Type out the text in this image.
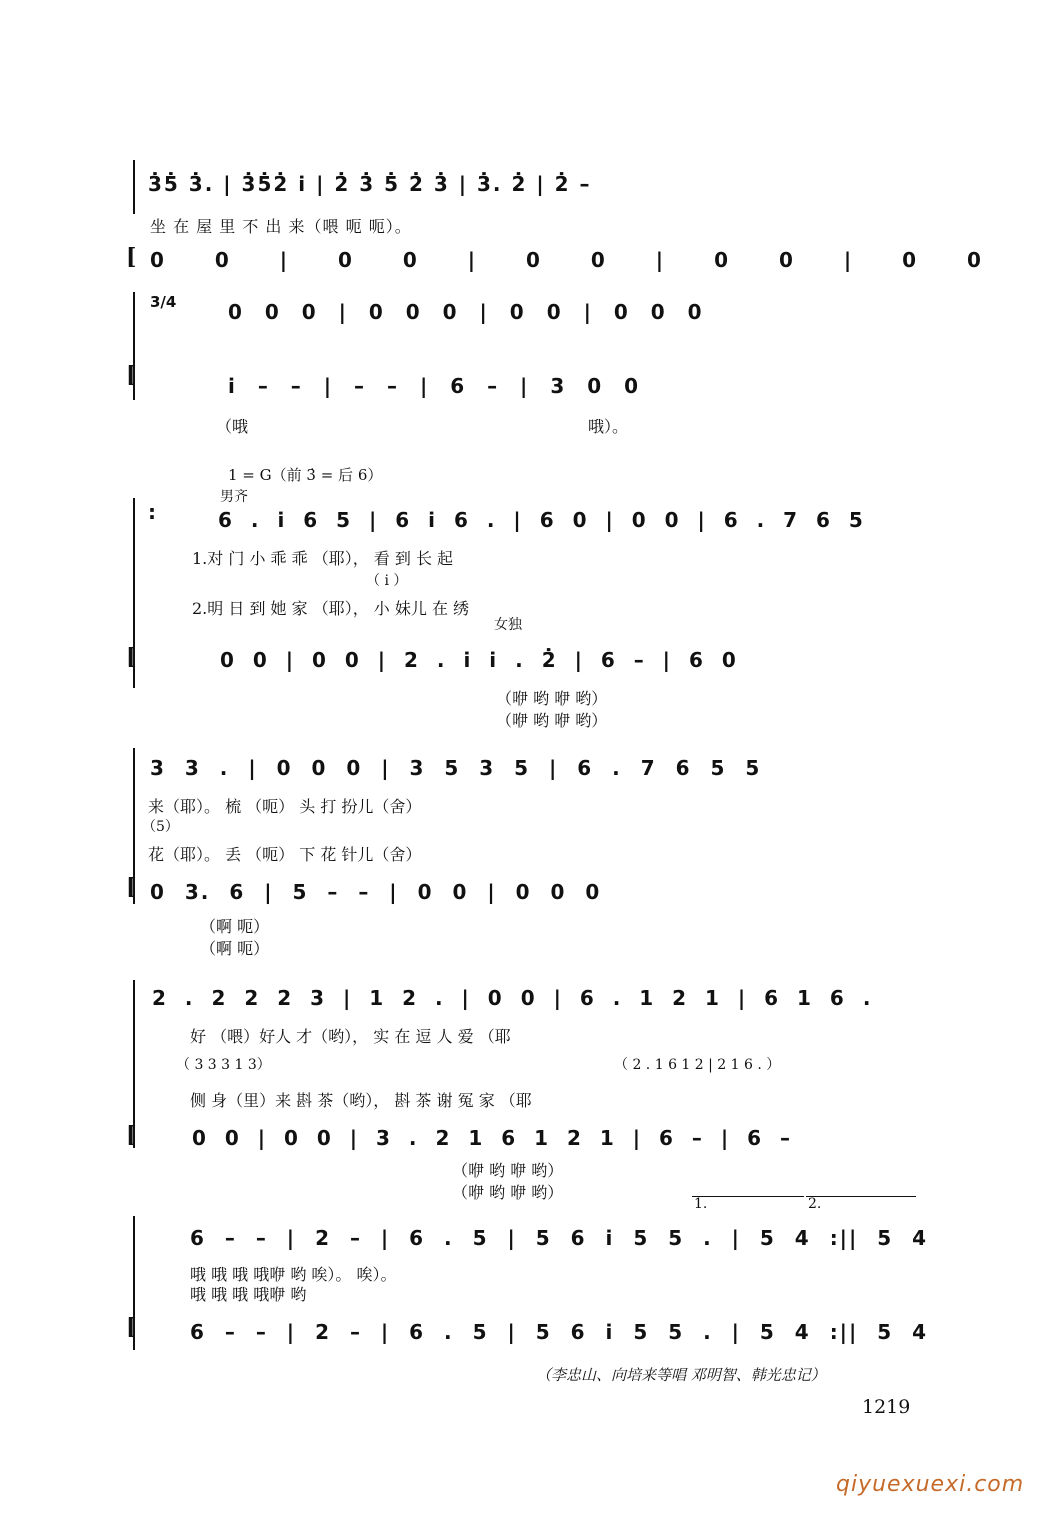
3̇5̇ 3̇. | 3̇5̇2̇ i̇ | 2̇ 3̇ 5̇ 2̇ 3̇ | 3̇. 2̇ | 2̇ –
坐 在 屋 里 不 出 来（喂 呃 呃）。
[ 0 0 | 0 0 | 0 0 | 0 0 | 0 0
3/4	0 0 0 | 0 0 0 | 0 0 | 0 0 0
[	i̇ – – | – – | 6 – | 3 0 0
（哦	哦）。
1 = G（前 3̇ = 后 6）
男齐
:	6 . i̇ 6 5 | 6 i̇ 6 . | 6 0 | 0 0 | 6 . 7 6 5
1.对 门 小 乖 乖 （耶）， 看 到 长 起
（ i̇ ）
2.明 日 到 她 家 （耶）， 小 妹儿 在 绣
女独
[	0 0 | 0 0 | 2 . i̇ i̇ . 2̇ | 6 – | 6 0
（咿 哟 咿 哟）
（咿 哟 咿 哟）
3 3 . | 0 0 0 | 3 5 3 5 | 6 . 7 6 5 5
来（耶）。 梳 （呃） 头 打 扮儿（舍）
（5）
花（耶）。 丢 （呃） 下 花 针儿（舍）
[ 0 3. 6 | 5 – – | 0 0 | 0 0 0
（啊 呃）
（啊 呃）
2 . 2 2 2 3 | 1 2 . | 0 0 | 6 . 1 2 1 | 6 1 6 .
好 （喂）好人 才（哟）， 实 在 逗 人 爱 （耶
（ 3 3 3 1 3）	（ 2 . 1 6 1 2 | 2 1 6 . ）
侧 身（里）来 斟 茶（哟）， 斟 茶 谢 冤 家 （耶
[	0 0 | 0 0 | 3 . 2 1 6 1 2 1 | 6 – | 6 –
（咿 哟 咿 哟）
（咿 哟 咿 哟）
1.	2.
6 – – | 2 – | 6 . 5 | 5 6 i̇ 5 5 . | 5 4 :|| 5 4
哦 哦 哦 哦咿 哟 唉）。 唉）。
哦 哦 哦 哦咿 哟
[	6 – – | 2 – | 6 . 5 | 5 6 i̇ 5 5 . | 5 4 :|| 5 4
（李忠山、向培来等唱 邓明智、韩光忠记）
1219
qiyuexuexi.com
